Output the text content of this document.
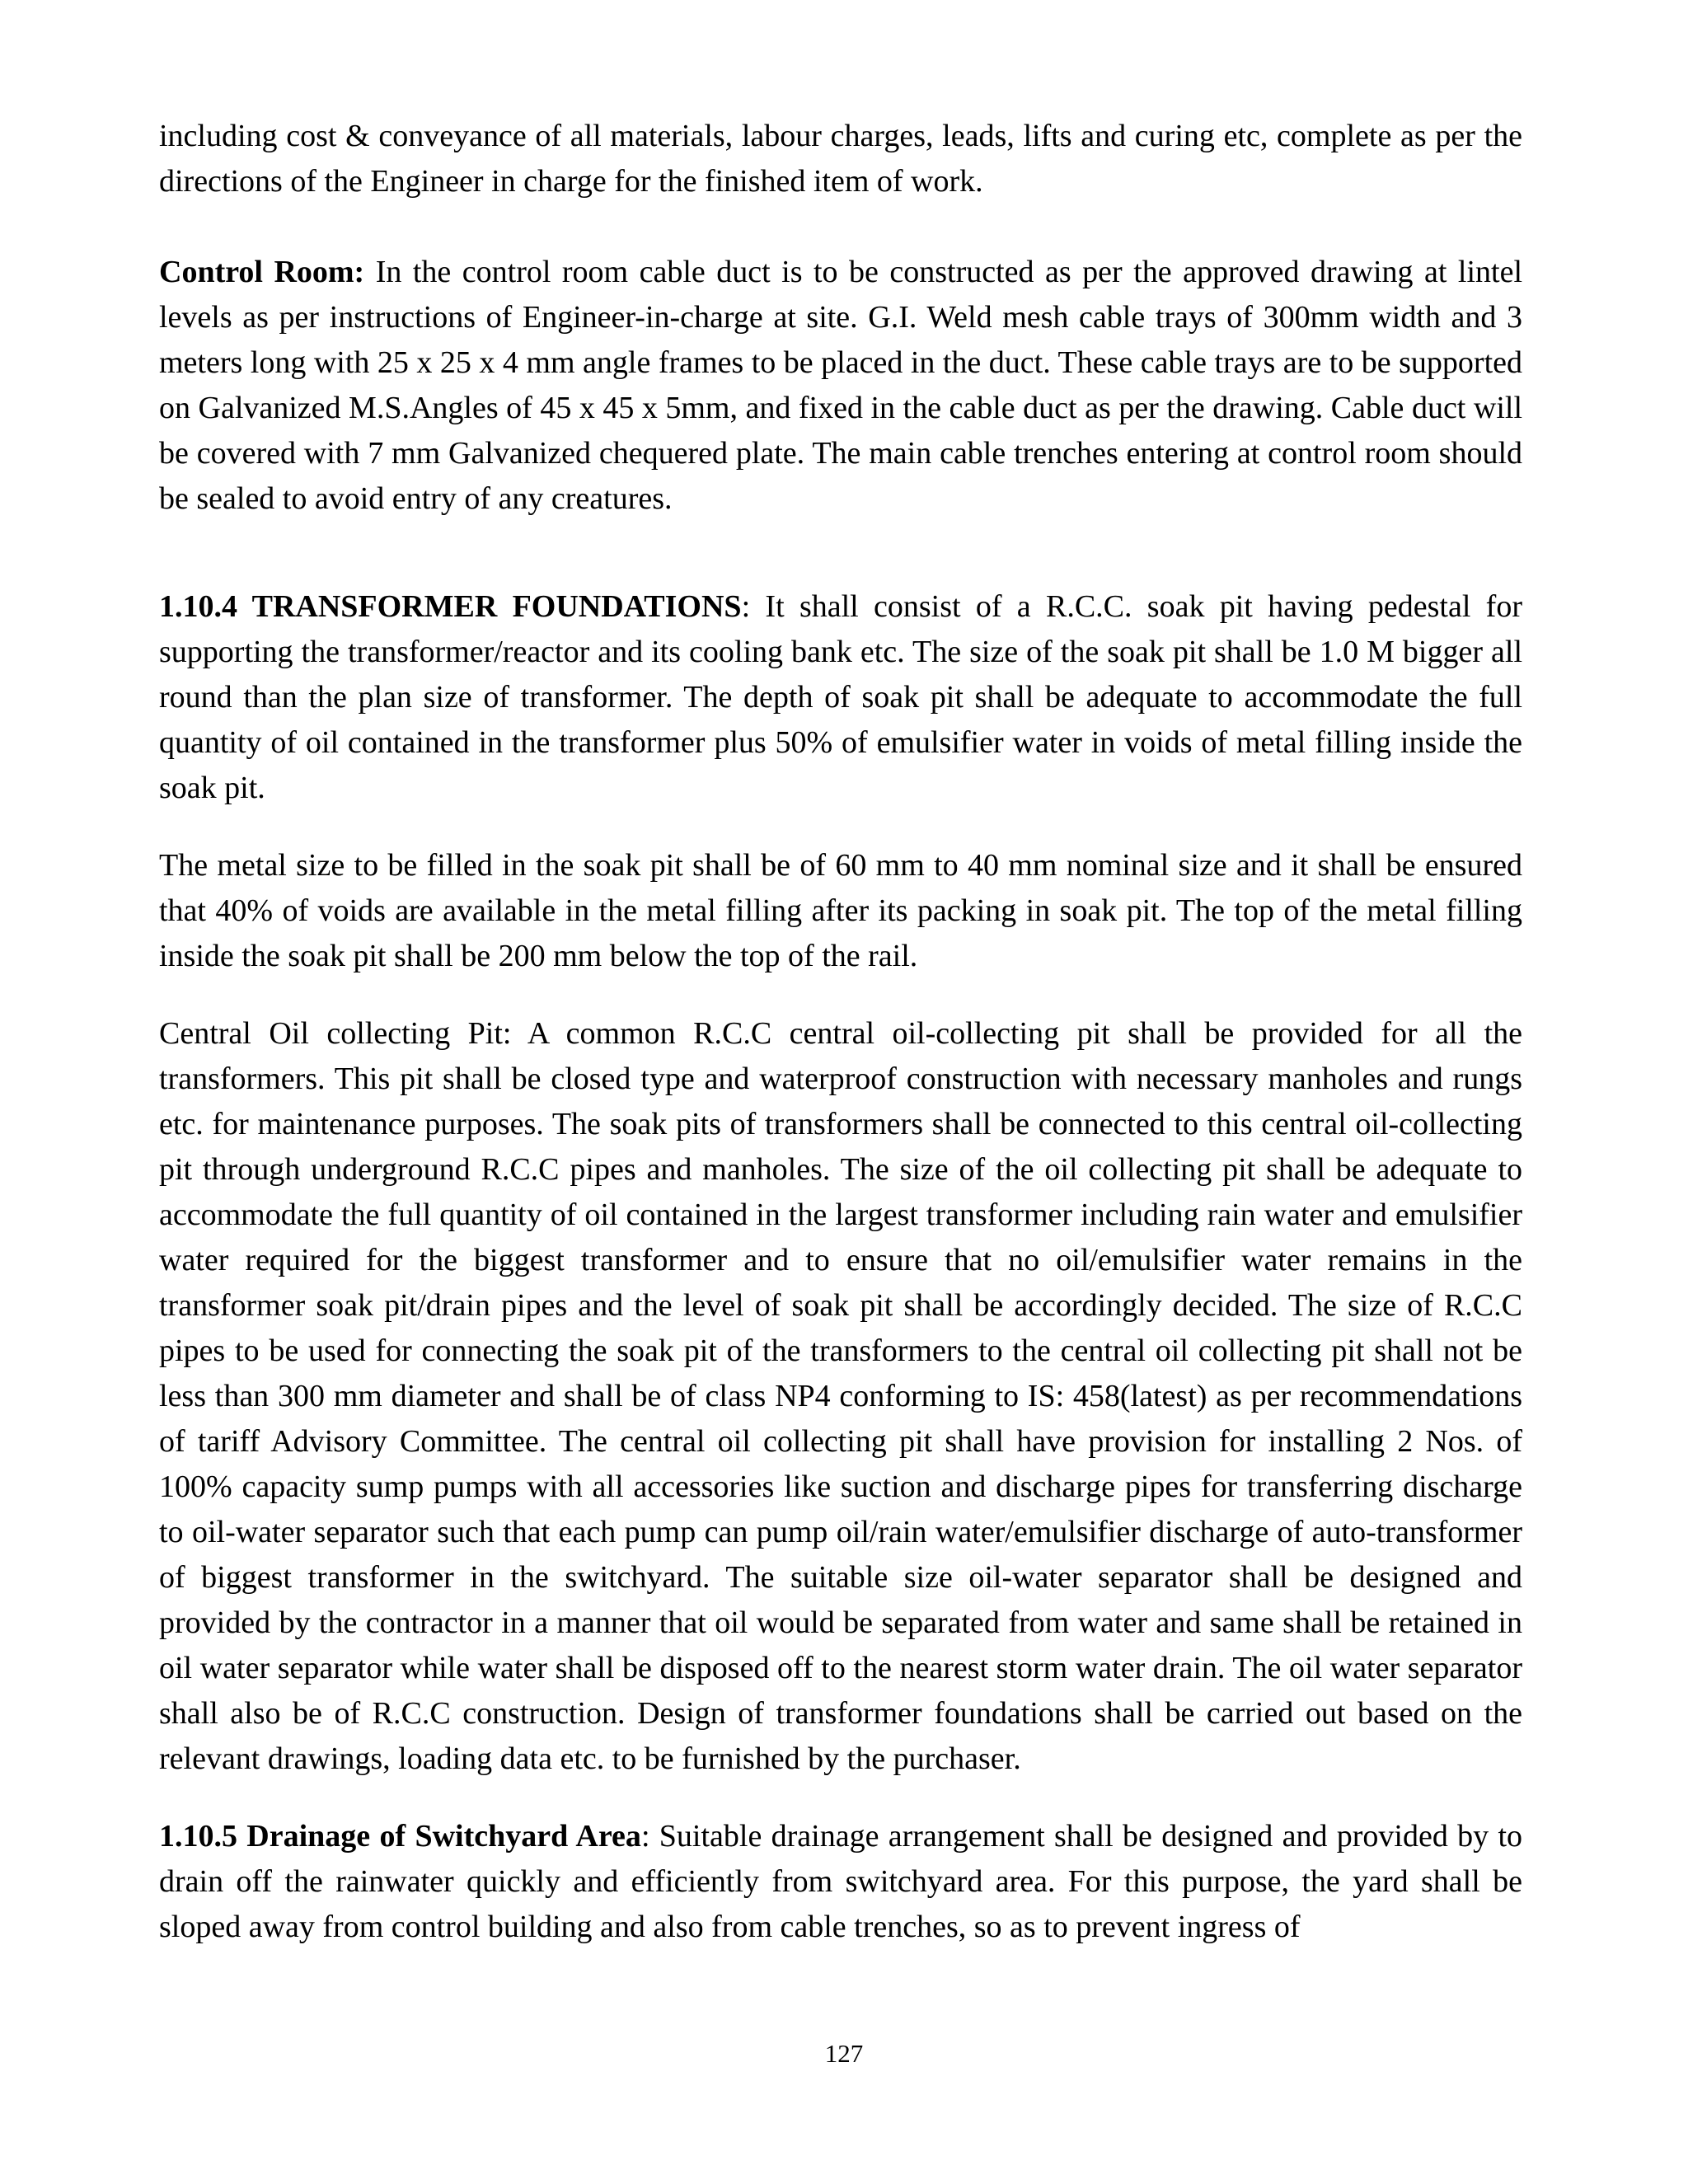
including cost & conveyance of all materials, labour charges, leads, lifts and curing etc, complete as per the directions of the Engineer in charge for the finished item of work.

Control Room: In the control room cable duct is to be constructed as per the approved drawing at lintel levels as per instructions of Engineer-in-charge at site. G.I. Weld mesh cable trays of 300mm width and 3 meters long with 25 x 25 x 4 mm angle frames to be placed in the duct. These cable trays are to be supported on Galvanized M.S.Angles of 45 x 45 x 5mm, and fixed in the cable duct as per the drawing. Cable duct will be covered with 7 mm Galvanized chequered plate. The main cable trenches entering at control room should be sealed to avoid entry of any creatures.

1.10.4 TRANSFORMER FOUNDATIONS: It shall consist of a R.C.C. soak pit having pedestal for supporting the transformer/reactor and its cooling bank etc. The size of the soak pit shall be 1.0 M bigger all round than the plan size of transformer. The depth of soak pit shall be adequate to accommodate the full quantity of oil contained in the transformer plus 50% of emulsifier water in voids of metal filling inside the soak pit.

The metal size to be filled in the soak pit shall be of 60 mm to 40 mm nominal size and it shall be ensured that 40% of voids are available in the metal filling after its packing in soak pit. The top of the metal filling inside the soak pit shall be 200 mm below the top of the rail.

Central Oil collecting Pit: A common R.C.C central oil-collecting pit shall be provided for all the transformers. This pit shall be closed type and waterproof construction with necessary manholes and rungs etc. for maintenance purposes. The soak pits of transformers shall be connected to this central oil-collecting pit through underground R.C.C pipes and manholes. The size of the oil collecting pit shall be adequate to accommodate the full quantity of oil contained in the largest transformer including rain water and emulsifier water required for the biggest transformer and to ensure that no oil/emulsifier water remains in the transformer soak pit/drain pipes and the level of soak pit shall be accordingly decided. The size of R.C.C pipes to be used for connecting the soak pit of the transformers to the central oil collecting pit shall not be less than 300 mm diameter and shall be of class NP4 conforming to IS: 458(latest) as per recommendations of tariff Advisory Committee. The central oil collecting pit shall have provision for installing 2 Nos. of 100% capacity sump pumps with all accessories like suction and discharge pipes for transferring discharge to oil-water separator such that each pump can pump oil/rain water/emulsifier discharge of auto-transformer of biggest transformer in the switchyard. The suitable size oil-water separator shall be designed and provided by the contractor in a manner that oil would be separated from water and same shall be retained in oil water separator while water shall be disposed off to the nearest storm water drain. The oil water separator shall also be of R.C.C construction. Design of transformer foundations shall be carried out based on the relevant drawings, loading data etc. to be furnished by the purchaser.

1.10.5 Drainage of Switchyard Area: Suitable drainage arrangement shall be designed and provided by to drain off the rainwater quickly and efficiently from switchyard area. For this purpose, the yard shall be sloped away from control building and also from cable trenches, so as to prevent ingress of

127
